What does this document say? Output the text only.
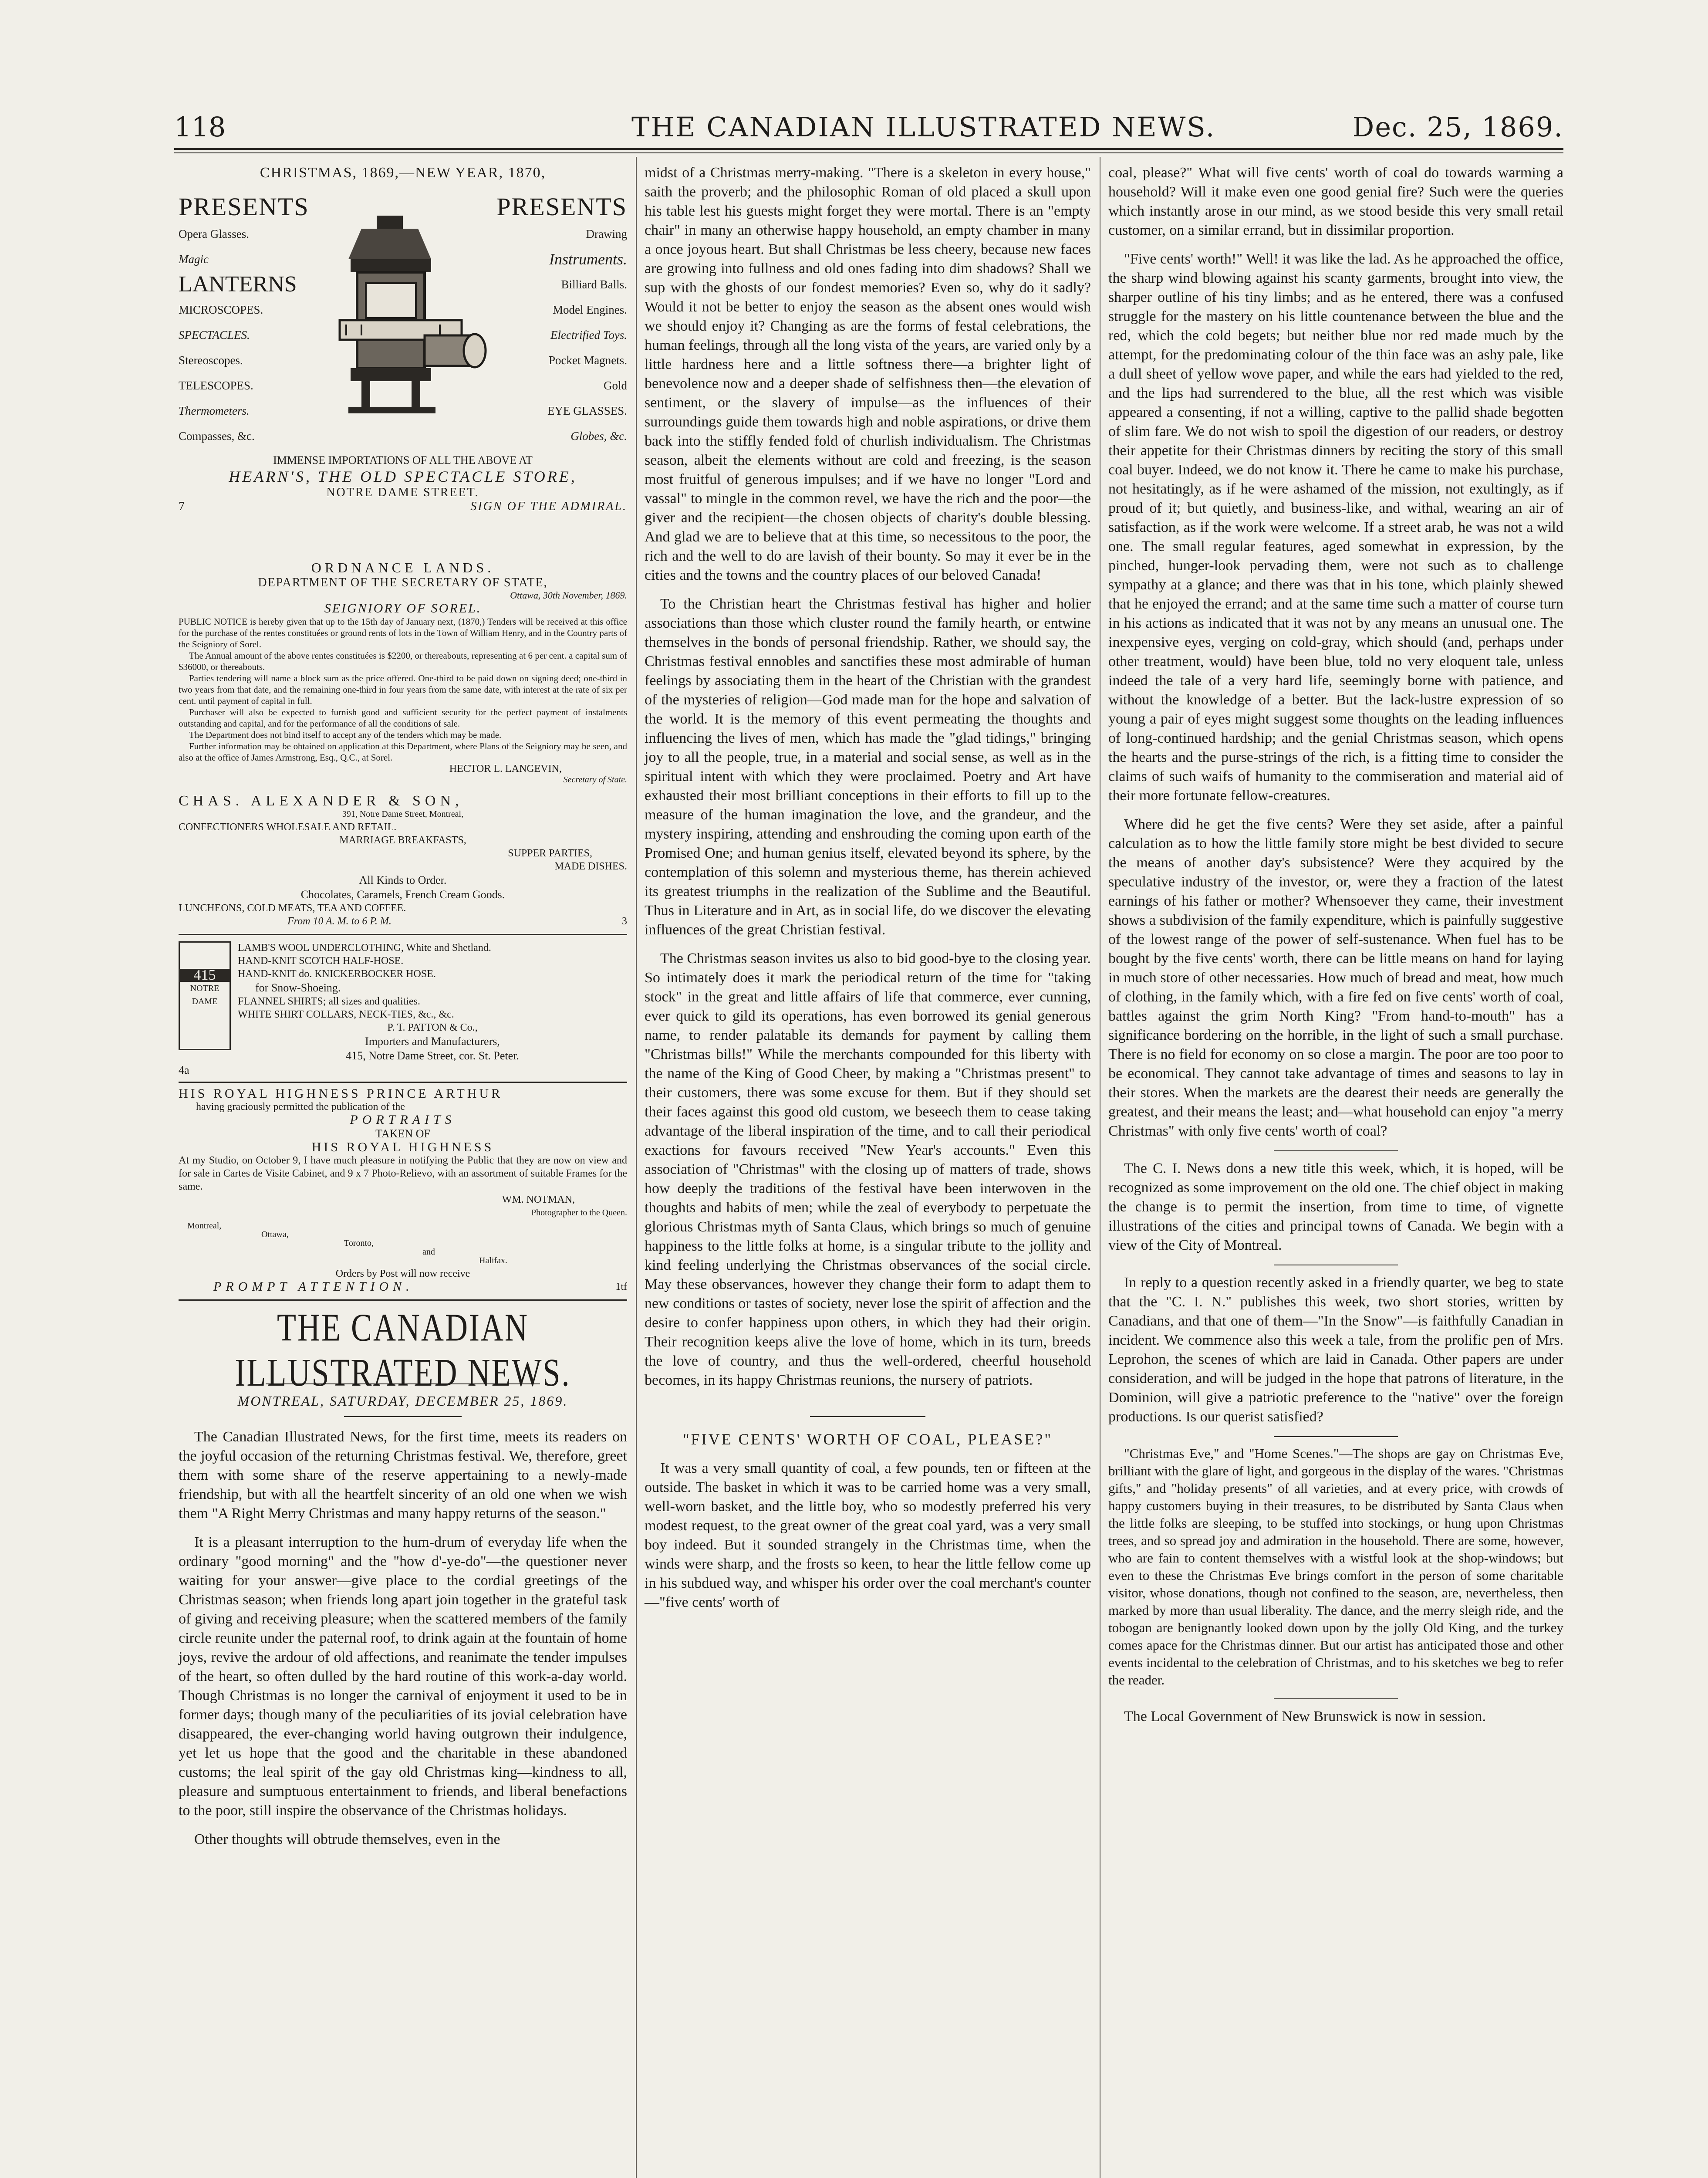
118	THE CANADIAN ILLUSTRATED NEWS.	Dec. 25, 1869.

CHRISTMAS, 1869,—NEW YEAR, 1870,

PRESENTS	PRESENTS
Opera Glasses.
Magic
LANTERNS
MICROSCOPES.
SPECTACLES.
Stereoscopes.
TELESCOPES.
Thermometers.
Compasses, &c.
Drawing
Instruments.
Billiard Balls.
Model Engines.
Electrified Toys.
Pocket Magnets.
Gold
EYE GLASSES.
Globes, &c.
IMMENSE IMPORTATIONS OF ALL THE ABOVE AT
HEARN'S, THE OLD SPECTACLE STORE,
NOTRE DAME STREET.
7	SIGN OF THE ADMIRAL.
ORDNANCE LANDS.
DEPARTMENT OF THE SECRETARY OF STATE,
Ottawa, 30th November, 1869.
SEIGNIORY OF SOREL.
PUBLIC NOTICE is hereby given that up to the 15th day of January next, (1870,) Tenders will be received at this office for the purchase of the rentes constituées or ground rents of lots in the Town of William Henry, and in the Country parts of the Seigniory of Sorel.
The Annual amount of the above rentes constituées is $2200, or thereabouts, representing at 6 per cent. a capital sum of $36000, or thereabouts.
Parties tendering will name a block sum as the price offered. One-third to be paid down on signing deed; one-third in two years from that date, and the remaining one-third in four years from the same date, with interest at the rate of six per cent. until payment of capital in full.
Purchaser will also be expected to furnish good and sufficient security for the perfect payment of instalments outstanding and capital, and for the performance of all the conditions of sale.
The Department does not bind itself to accept any of the tenders which may be made.
Further information may be obtained on application at this Department, where Plans of the Seigniory may be seen, and also at the office of James Armstrong, Esq., Q.C., at Sorel.
HECTOR L. LANGEVIN,
Secretary of State.
CHAS. ALEXANDER & SON,
391, Notre Dame Street, Montreal,
CONFECTIONERS WHOLESALE AND RETAIL.
MARRIAGE BREAKFASTS,
SUPPER PARTIES,
MADE DISHES.
All Kinds to Order.
Chocolates, Caramels, French Cream Goods.
LUNCHEONS, COLD MEATS, TEA AND COFFEE.
From 10 A. M. to 6 P. M.	3
415
NOTRE
DAME
LAMB'S WOOL UNDERCLOTHING, White and Shetland.
HAND-KNIT SCOTCH HALF-HOSE.
HAND-KNIT do. KNICKERBOCKER HOSE.
for Snow-Shoeing.
FLANNEL SHIRTS; all sizes and qualities.
WHITE SHIRT COLLARS, NECK-TIES, &c., &c.
P. T. PATTON & Co.,
Importers and Manufacturers,
415, Notre Dame Street, cor. St. Peter.
4a
HIS ROYAL HIGHNESS PRINCE ARTHUR
having graciously permitted the publication of the
PORTRAITS
TAKEN OF
HIS ROYAL HIGHNESS
At my Studio, on October 9, I have much pleasure in notifying the Public that they are now on view and for sale in Cartes de Visite Cabinet, and 9 x 7 Photo-Relievo, with an assortment of suitable Frames for the same.
WM. NOTMAN,
Photographer to the Queen.
Montreal,
Ottawa,
Toronto,
and
Halifax.
Orders by Post will now receive
PROMPT ATTENTION.	1tf
THE CANADIAN ILLUSTRATED NEWS.
MONTREAL, SATURDAY, DECEMBER 25, 1869.

The Canadian Illustrated News, for the first time, meets its readers on the joyful occasion of the returning Christmas festival. We, therefore, greet them with some share of the reserve appertaining to a newly-made friendship, but with all the heartfelt sincerity of an old one when we wish them "A Right Merry Christmas and many happy returns of the season."

It is a pleasant interruption to the hum-drum of everyday life when the ordinary "good morning" and the "how d'-ye-do"—the questioner never waiting for your answer—give place to the cordial greetings of the Christmas season; when friends long apart join together in the grateful task of giving and receiving pleasure; when the scattered members of the family circle reunite under the paternal roof, to drink again at the fountain of home joys, revive the ardour of old affections, and reanimate the tender impulses of the heart, so often dulled by the hard routine of this work-a-day world. Though Christmas is no longer the carnival of enjoyment it used to be in former days; though many of the peculiarities of its jovial celebration have disappeared, the ever-changing world having outgrown their indulgence, yet let us hope that the good and the charitable in these abandoned customs; the leal spirit of the gay old Christmas king—kindness to all, pleasure and sumptuous entertainment to friends, and liberal benefactions to the poor, still inspire the observance of the Christmas holidays.

Other thoughts will obtrude themselves, even in the

midst of a Christmas merry-making. "There is a skeleton in every house," saith the proverb; and the philosophic Roman of old placed a skull upon his table lest his guests might forget they were mortal. There is an "empty chair" in many an otherwise happy household, an empty chamber in many a once joyous heart. But shall Christmas be less cheery, because new faces are growing into fullness and old ones fading into dim shadows? Shall we sup with the ghosts of our fondest memories? Even so, why do it sadly? Would it not be better to enjoy the season as the absent ones would wish we should enjoy it? Changing as are the forms of festal celebrations, the human feelings, through all the long vista of the years, are varied only by a little hardness here and a little softness there—a brighter light of benevolence now and a deeper shade of selfishness then—the elevation of sentiment, or the slavery of impulse—as the influences of their surroundings guide them towards high and noble aspirations, or drive them back into the stiffly fended fold of churlish individualism. The Christmas season, albeit the elements without are cold and freezing, is the season most fruitful of generous impulses; and if we have no longer "Lord and vassal" to mingle in the common revel, we have the rich and the poor—the giver and the recipient—the chosen objects of charity's double blessing. And glad we are to believe that at this time, so necessitous to the poor, the rich and the well to do are lavish of their bounty. So may it ever be in the cities and the towns and the country places of our beloved Canada!

To the Christian heart the Christmas festival has higher and holier associations than those which cluster round the family hearth, or entwine themselves in the bonds of personal friendship. Rather, we should say, the Christmas festival ennobles and sanctifies these most admirable of human feelings by associating them in the heart of the Christian with the grandest of the mysteries of religion—God made man for the hope and salvation of the world. It is the memory of this event permeating the thoughts and influencing the lives of men, which has made the "glad tidings," bringing joy to all the people, true, in a material and social sense, as well as in the spiritual intent with which they were proclaimed. Poetry and Art have exhausted their most brilliant conceptions in their efforts to fill up to the measure of the human imagination the love, and the grandeur, and the mystery inspiring, attending and enshrouding the coming upon earth of the Promised One; and human genius itself, elevated beyond its sphere, by the contemplation of this solemn and mysterious theme, has therein achieved its greatest triumphs in the realization of the Sublime and the Beautiful. Thus in Literature and in Art, as in social life, do we discover the elevating influences of the great Christian festival.

The Christmas season invites us also to bid good-bye to the closing year. So intimately does it mark the periodical return of the time for "taking stock" in the great and little affairs of life that commerce, ever cunning, ever quick to gild its operations, has even borrowed its genial generous name, to render palatable its demands for payment by calling them "Christmas bills!" While the merchants compounded for this liberty with the name of the King of Good Cheer, by making a "Christmas present" to their customers, there was some excuse for them. But if they should set their faces against this good old custom, we beseech them to cease taking advantage of the liberal inspiration of the time, and to call their periodical exactions for favours received "New Year's accounts." Even this association of "Christmas" with the closing up of matters of trade, shows how deeply the traditions of the festival have been interwoven in the thoughts and habits of men; while the zeal of everybody to perpetuate the glorious Christmas myth of Santa Claus, which brings so much of genuine happiness to the little folks at home, is a singular tribute to the jollity and kind feeling underlying the Christmas observances of the social circle. May these observances, however they change their form to adapt them to new conditions or tastes of society, never lose the spirit of affection and the desire to confer happiness upon others, in which they had their origin. Their recognition keeps alive the love of home, which in its turn, breeds the love of country, and thus the well-ordered, cheerful household becomes, in its happy Christmas reunions, the nursery of patriots.

"FIVE CENTS' WORTH OF COAL, PLEASE?"

It was a very small quantity of coal, a few pounds, ten or fifteen at the outside. The basket in which it was to be carried home was a very small, well-worn basket, and the little boy, who so modestly preferred his very modest request, to the great owner of the great coal yard, was a very small boy indeed. But it sounded strangely in the Christmas time, when the winds were sharp, and the frosts so keen, to hear the little fellow come up in his subdued way, and whisper his order over the coal merchant's counter—"five cents' worth of

coal, please?" What will five cents' worth of coal do towards warming a household? Will it make even one good genial fire? Such were the queries which instantly arose in our mind, as we stood beside this very small retail customer, on a similar errand, but in dissimilar proportion.

"Five cents' worth!" Well! it was like the lad. As he approached the office, the sharp wind blowing against his scanty garments, brought into view, the sharper outline of his tiny limbs; and as he entered, there was a confused struggle for the mastery on his little countenance between the blue and the red, which the cold begets; but neither blue nor red made much by the attempt, for the predominating colour of the thin face was an ashy pale, like a dull sheet of yellow wove paper, and while the ears had yielded to the red, and the lips had surrendered to the blue, all the rest which was visible appeared a consenting, if not a willing, captive to the pallid shade begotten of slim fare. We do not wish to spoil the digestion of our readers, or destroy their appetite for their Christmas dinners by reciting the story of this small coal buyer. Indeed, we do not know it. There he came to make his purchase, not hesitatingly, as if he were ashamed of the mission, not exultingly, as if proud of it; but quietly, and business-like, and withal, wearing an air of satisfaction, as if the work were welcome. If a street arab, he was not a wild one. The small regular features, aged somewhat in expression, by the pinched, hunger-look pervading them, were not such as to challenge sympathy at a glance; and there was that in his tone, which plainly shewed that he enjoyed the errand; and at the same time such a matter of course turn in his actions as indicated that it was not by any means an unusual one. The inexpensive eyes, verging on cold-gray, which should (and, perhaps under other treatment, would) have been blue, told no very eloquent tale, unless indeed the tale of a very hard life, seemingly borne with patience, and without the knowledge of a better. But the lack-lustre expression of so young a pair of eyes might suggest some thoughts on the leading influences of long-continued hardship; and the genial Christmas season, which opens the hearts and the purse-strings of the rich, is a fitting time to consider the claims of such waifs of humanity to the commiseration and material aid of their more fortunate fellow-creatures.

Where did he get the five cents? Were they set aside, after a painful calculation as to how the little family store might be best divided to secure the means of another day's subsistence? Were they acquired by the speculative industry of the investor, or, were they a fraction of the latest earnings of his father or mother? Whensoever they came, their investment shows a subdivision of the family expenditure, which is painfully suggestive of the lowest range of the power of self-sustenance. When fuel has to be bought by the five cents' worth, there can be little means on hand for laying in much store of other necessaries. How much of bread and meat, how much of clothing, in the family which, with a fire fed on five cents' worth of coal, battles against the grim North King? "From hand-to-mouth" has a significance bordering on the horrible, in the light of such a small purchase. There is no field for economy on so close a margin. The poor are too poor to be economical. They cannot take advantage of times and seasons to lay in their stores. When the markets are the dearest their needs are generally the greatest, and their means the least; and—what household can enjoy "a merry Christmas" with only five cents' worth of coal?

The C. I. News dons a new title this week, which, it is hoped, will be recognized as some improvement on the old one. The chief object in making the change is to permit the insertion, from time to time, of vignette illustrations of the cities and principal towns of Canada. We begin with a view of the City of Montreal.

In reply to a question recently asked in a friendly quarter, we beg to state that the "C. I. N." publishes this week, two short stories, written by Canadians, and that one of them—"In the Snow"—is faithfully Canadian in incident. We commence also this week a tale, from the prolific pen of Mrs. Leprohon, the scenes of which are laid in Canada. Other papers are under consideration, and will be judged in the hope that patrons of literature, in the Dominion, will give a patriotic preference to the "native" over the foreign productions. Is our querist satisfied?

"Christmas Eve," and "Home Scenes."—The shops are gay on Christmas Eve, brilliant with the glare of light, and gorgeous in the display of the wares. "Christmas gifts," and "holiday presents" of all varieties, and at every price, with crowds of happy customers buying in their treasures, to be distributed by Santa Claus when the little folks are sleeping, to be stuffed into stockings, or hung upon Christmas trees, and so spread joy and admiration in the household. There are some, however, who are fain to content themselves with a wistful look at the shop-windows; but even to these the Christmas Eve brings comfort in the person of some charitable visitor, whose donations, though not confined to the season, are, nevertheless, then marked by more than usual liberality. The dance, and the merry sleigh ride, and the tobogan are benignantly looked down upon by the jolly Old King, and the turkey comes apace for the Christmas dinner. But our artist has anticipated those and other events incidental to the celebration of Christmas, and to his sketches we beg to refer the reader.

The Local Government of New Brunswick is now in session.
